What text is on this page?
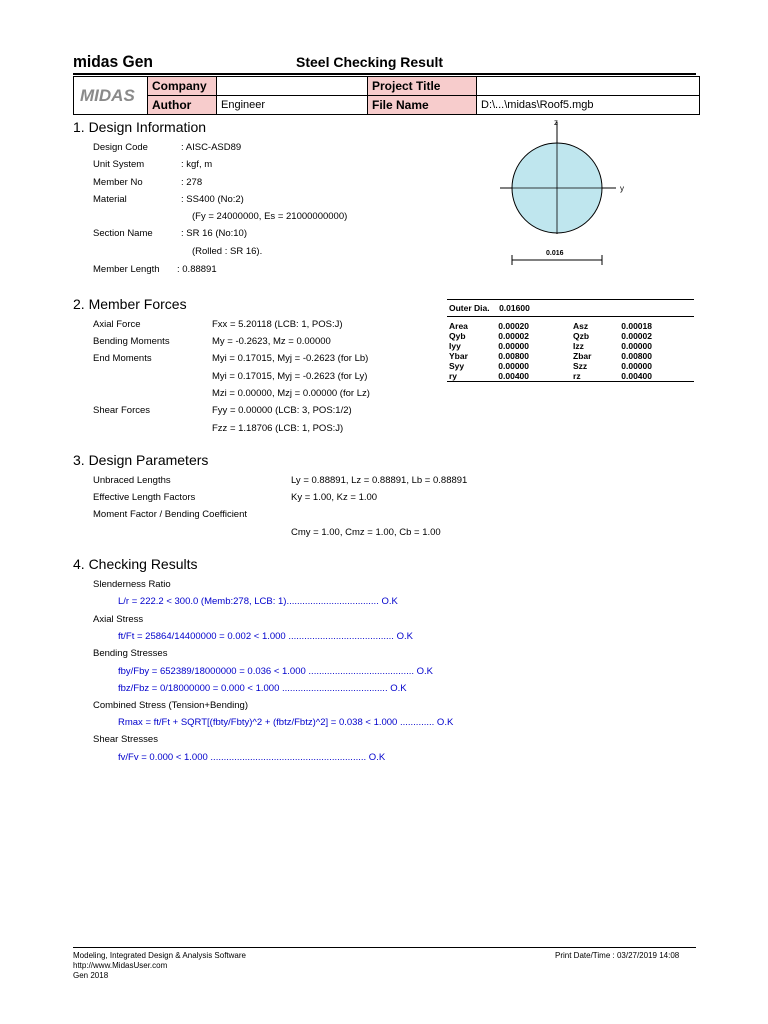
midas Gen	Steel Checking Result
MIDAS	Company		Project Title	
	Author	Engineer	File Name	D:\...\midas\Roof5.mgb
1. Design Information
Design Code	: AISC-ASD89
Unit System	: kgf, m
Member No	: 278
Material	: SS400 (No:2)
(Fy = 24000000, Es = 21000000000)
Section Name	: SR 16 (No:10)
(Rolled : SR 16).
Member Length : 0.88891
z
y
0.016
2. Member Forces
Axial Force	Fxx = 5.20118 (LCB: 1, POS:J)
Bending Moments	My = -0.2623, Mz = 0.00000
End Moments	Myi = 0.17015, Myj = -0.2623 (for Lb)
Myi = 0.17015, Myj = -0.2623 (for Ly)
Mzi = 0.00000, Mzj = 0.00000 (for Lz)
Shear Forces	Fyy = 0.00000 (LCB: 3, POS:1/2)
Fzz = 1.18706 (LCB: 1, POS:J)
Outer Dia. 0.01600			

Area	0.00020	Asz	0.00018
Qyb	0.00002	Qzb	0.00002
Iyy	0.00000	Izz	0.00000
Ybar	0.00800	Zbar	0.00800
Syy	0.00000	Szz	0.00000
ry	0.00400	rz	0.00400
3. Design Parameters
Unbraced Lengths	Ly = 0.88891, Lz = 0.88891, Lb = 0.88891
Effective Length Factors	Ky = 1.00, Kz = 1.00
Moment Factor / Bending Coefficient
Cmy = 1.00, Cmz = 1.00, Cb = 1.00
4. Checking Results
Slenderness Ratio
L/r = 222.2 < 300.0 (Memb:278, LCB: 1)................................... O.K
Axial Stress
ft/Ft = 25864/14400000 = 0.002 < 1.000 ........................................ O.K
Bending Stresses
fby/Fby = 652389/18000000 = 0.036 < 1.000 ........................................ O.K
fbz/Fbz = 0/18000000 = 0.000 < 1.000 ........................................ O.K
Combined Stress (Tension+Bending)
Rmax = ft/Ft + SQRT[(fbty/Fbty)^2 + (fbtz/Fbtz)^2] = 0.038 < 1.000 ............. O.K
Shear Stresses
fv/Fv = 0.000 < 1.000 ........................................................... O.K
Modeling, Integrated Design & Analysis Software
http://www.MidasUser.com
Gen 2018
Print Date/Time : 03/27/2019 14:08
